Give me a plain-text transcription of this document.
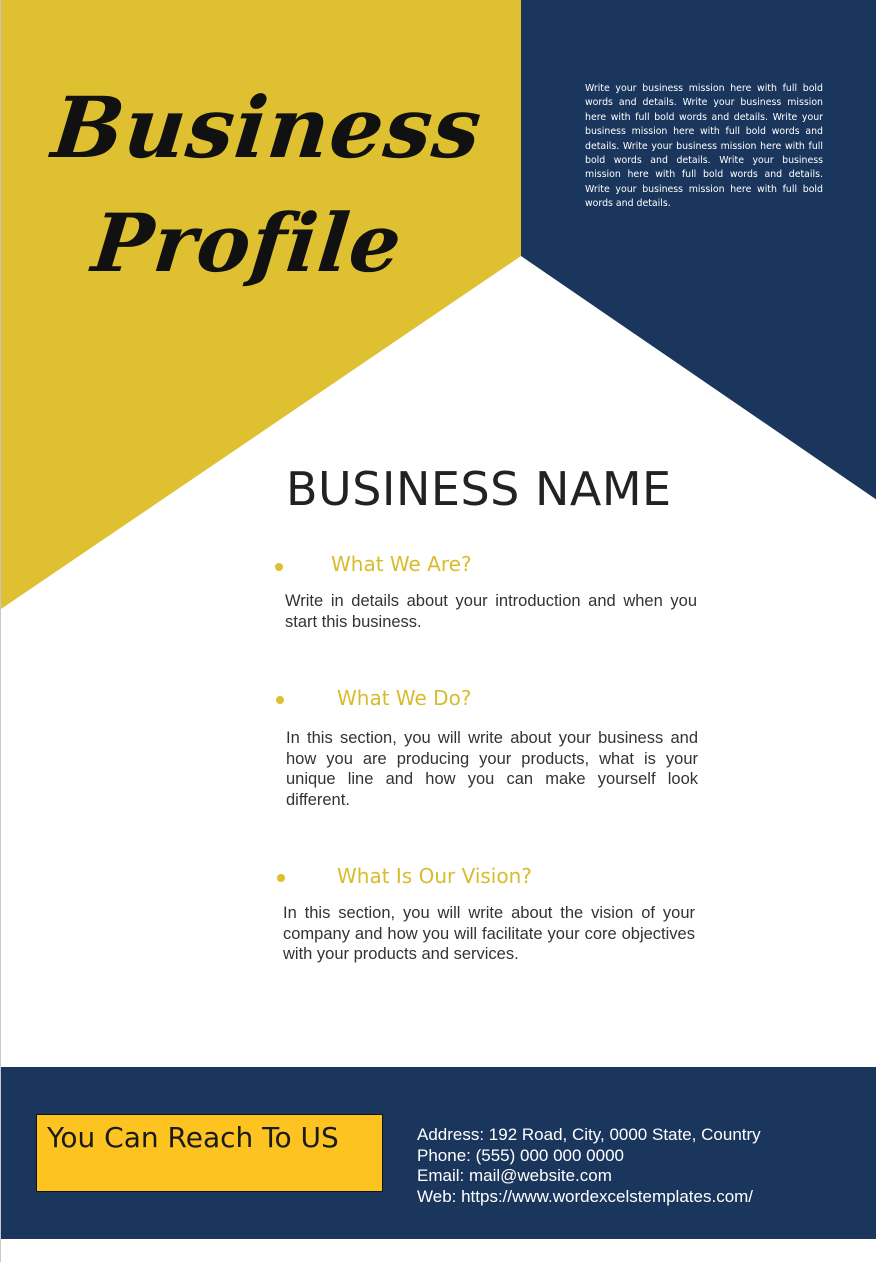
Business
Profile
Write your business mission here with full bold words and details. Write your business mission here with full bold words and details. Write your business mission here with full bold words and details. Write your business mission here with full bold words and details. Write your business mission here with full bold words and details. Write your business mission here with full bold words and details.
BUSINESS NAME
What We Are?
Write in details about your introduction and when you start this business.
What We Do?
In this section, you will write about your business and how you are producing your products, what is your unique line and how you can make yourself look different.
What Is Our Vision?
In this section, you will write about the vision of your company and how you will facilitate your core objectives with your products and services.
You Can Reach To US	Address: 192 Road, City, 0000 State, Country
Phone: (555) 000 000 0000
Email: mail@website.com
Web: https://www.wordexcelstemplates.com/
